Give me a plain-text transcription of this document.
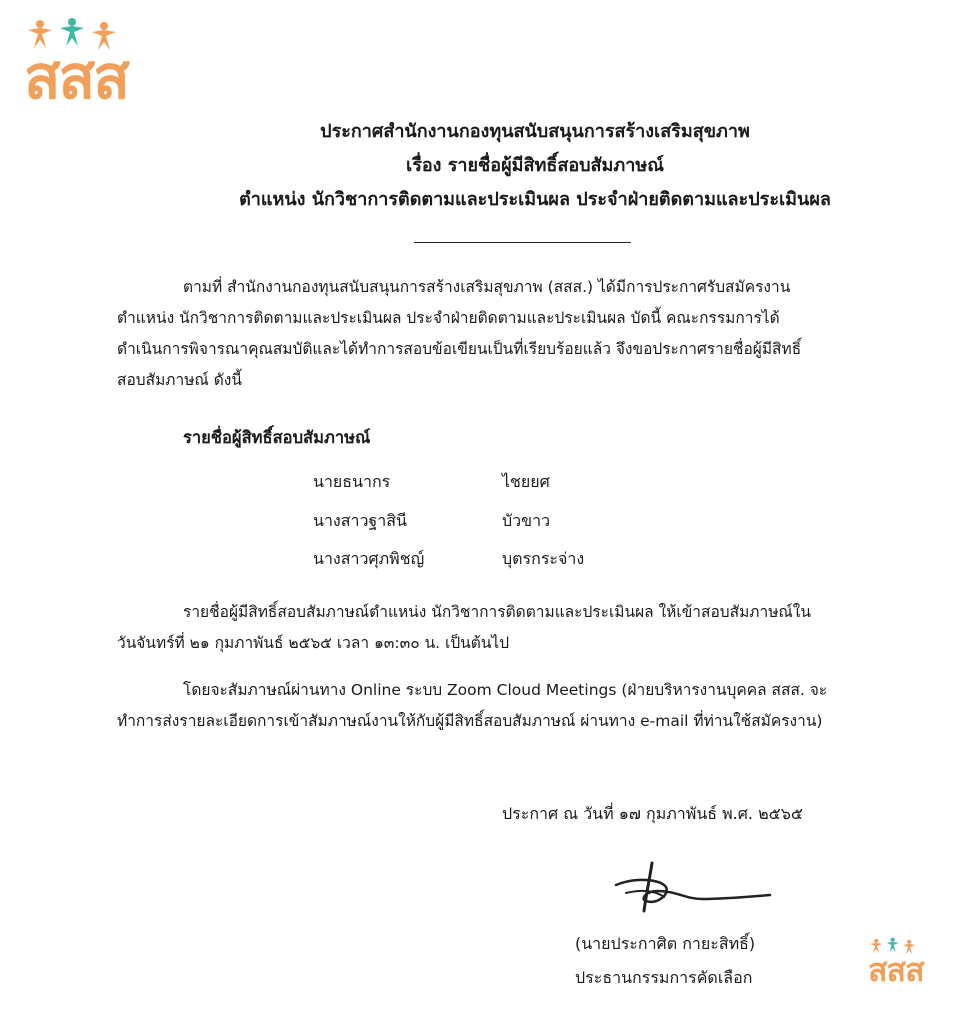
สสส
ประกาศสำนักงานกองทุนสนับสนุนการสร้างเสริมสุขภาพ
เรื่อง รายชื่อผู้มีสิทธิ์สอบสัมภาษณ์
ตำแหน่ง นักวิชาการติดตามและประเมินผล ประจำฝ่ายติดตามและประเมินผล
ตามที่ สำนักงานกองทุนสนับสนุนการสร้างเสริมสุขภาพ (สสส.) ได้มีการประกาศรับสมัครงาน
ตำแหน่ง นักวิชาการติดตามและประเมินผล ประจำฝ่ายติดตามและประเมินผล บัดนี้ คณะกรรมการได้
ดำเนินการพิจารณาคุณสมบัติและได้ทำการสอบข้อเขียนเป็นที่เรียบร้อยแล้ว จึงขอประกาศรายชื่อผู้มีสิทธิ์
สอบสัมภาษณ์ ดังนี้
รายชื่อผู้สิทธิ์สอบสัมภาษณ์
นายธนากร	ไชยยศ
นางสาวฐาสินี	บัวขาว
นางสาวศุภพิชญ์	บุตรกระจ่าง
รายชื่อผู้มีสิทธิ์สอบสัมภาษณ์ตำแหน่ง นักวิชาการติดตามและประเมินผล ให้เข้าสอบสัมภาษณ์ใน
วันจันทร์ที่ ๒๑ กุมภาพันธ์ ๒๕๖๕ เวลา ๑๓:๓๐ น. เป็นต้นไป
โดยจะสัมภาษณ์ผ่านทาง Online ระบบ Zoom Cloud Meetings (ฝ่ายบริหารงานบุคคล สสส. จะ
ทำการส่งรายละเอียดการเข้าสัมภาษณ์งานให้กับผู้มีสิทธิ์สอบสัมภาษณ์ ผ่านทาง e-mail ที่ท่านใช้สมัครงาน)
ประกาศ ณ วันที่ ๑๗ กุมภาพันธ์ พ.ศ. ๒๕๖๕
(นายประกาศิต กายะสิทธิ์)
ประธานกรรมการคัดเลือก	สสส
